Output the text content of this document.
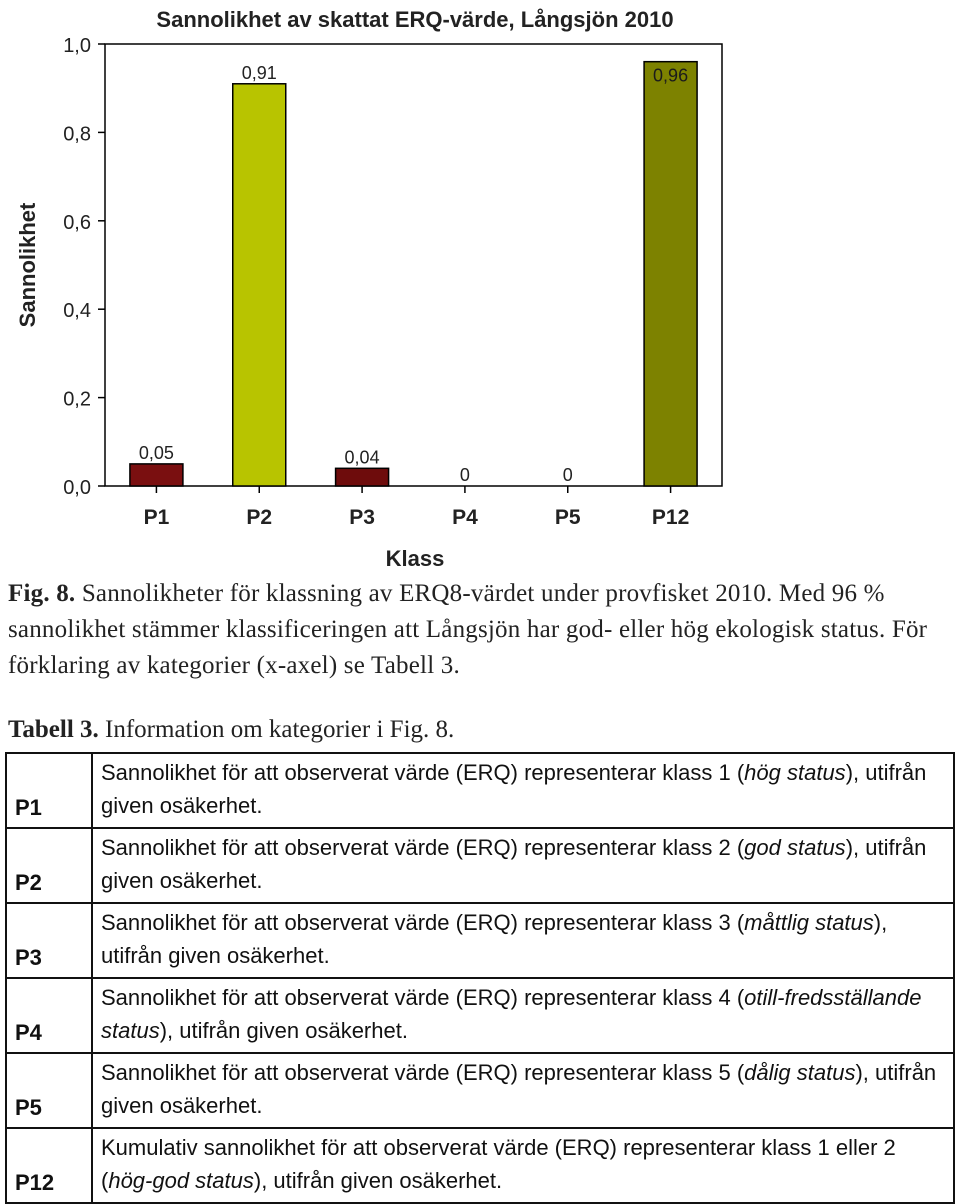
Sannolikhet av skattat ERQ-värde, Långsjön 2010
Sannolikhet
Klass
0,0
0,2
0,4
0,6
0,8
1,0
P1
0,05
P2
0,91
P3
0,04
P4
0
P5
0
P12
0,96
Fig. 8. Sannolikheter för klassning av ERQ8-värdet under provfisket 2010. Med 96 % sannolikhet stämmer klassificeringen att Långsjön har god- eller hög ekologisk status. För förklaring av kategorier (x-axel) se Tabell 3.
Tabell 3. Information om kategorier i Fig. 8.
P1	Sannolikhet för att observerat värde (ERQ) representerar klass 1 (hög status), utifrån given osäkerhet.
P2	Sannolikhet för att observerat värde (ERQ) representerar klass 2 (god status), utifrån given osäkerhet.
P3	Sannolikhet för att observerat värde (ERQ) representerar klass 3 (måttlig status), utifrån given osäkerhet.
P4	Sannolikhet för att observerat värde (ERQ) representerar klass 4 (otill-fredsställande status), utifrån given osäkerhet.
P5	Sannolikhet för att observerat värde (ERQ) representerar klass 5 (dålig status), utifrån given osäkerhet.
P12	Kumulativ sannolikhet för att observerat värde (ERQ) representerar klass 1 eller 2 (hög-god status), utifrån given osäkerhet.
